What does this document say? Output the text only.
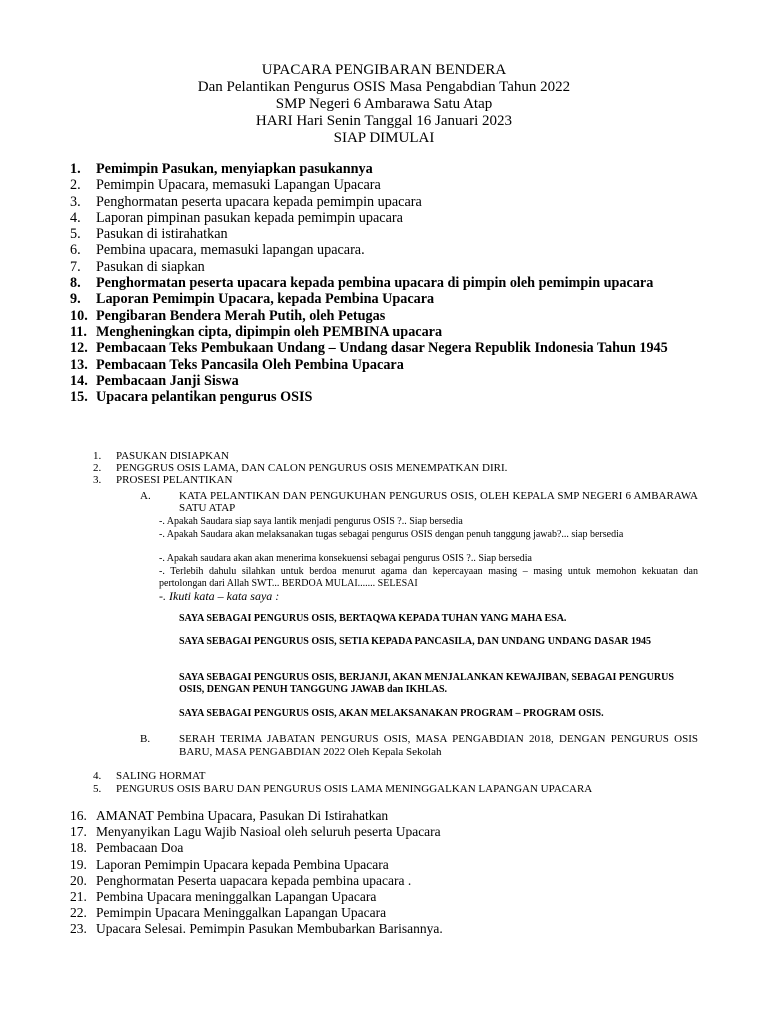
UPACARA PENGIBARAN BENDERA
Dan Pelantikan Pengurus OSIS Masa Pengabdian Tahun 2022
SMP Negeri 6 Ambarawa Satu Atap
HARI Hari Senin Tanggal 16 Januari 2023
SIAP DIMULAI
1. Pemimpin Pasukan, menyiapkan pasukannya
2. Pemimpin Upacara, memasuki Lapangan Upacara
3. Penghormatan peserta upacara kepada pemimpin upacara
4. Laporan pimpinan pasukan kepada pemimpin upacara
5. Pasukan di istirahatkan
6. Pembina upacara, memasuki lapangan upacara.
7. Pasukan di siapkan
8. Penghormatan peserta upacara kepada pembina upacara di pimpin oleh pemimpin upacara
9. Laporan Pemimpin Upacara, kepada Pembina Upacara
10. Pengibaran Bendera Merah Putih, oleh Petugas
11. Mengheningkan cipta, dipimpin oleh PEMBINA upacara
12. Pembacaan Teks Pembukaan Undang – Undang dasar Negera Republik Indonesia Tahun 1945
13. Pembacaan Teks Pancasila Oleh Pembina Upacara
14. Pembacaan Janji Siswa
15. Upacara pelantikan pengurus OSIS
1. PASUKAN DISIAPKAN
2. PENGGRUS OSIS LAMA, DAN CALON PENGURUS OSIS MENEMPATKAN DIRI.
3. PROSESI PELANTIKAN
A.	KATA PELANTIKAN DAN PENGUKUHAN PENGURUS OSIS, OLEH KEPALA SMP NEGERI 6 AMBARAWA SATU ATAP
-. Apakah Saudara siap saya lantik menjadi pengurus OSIS ?.. Siap bersedia
-. Apakah Saudara akan melaksanakan tugas sebagai pengurus OSIS dengan penuh tanggung jawab?... siap bersedia
-. Apakah saudara akan akan menerima konsekuensi sebagai pengurus OSIS ?.. Siap bersedia
-. Terlebih dahulu silahkan untuk berdoa menurut agama dan kepercayaan masing – masing untuk memohon kekuatan dan pertolongan dari Allah SWT... BERDOA MULAI....... SELESAI
-. Ikuti kata – kata saya :
SAYA SEBAGAI PENGURUS OSIS, BERTAQWA KEPADA TUHAN YANG MAHA ESA.
SAYA SEBAGAI PENGURUS OSIS, SETIA KEPADA PANCASILA, DAN UNDANG UNDANG DASAR 1945
SAYA SEBAGAI PENGURUS OSIS, BERJANJI, AKAN MENJALANKAN KEWAJIBAN, SEBAGAI PENGURUS OSIS, DENGAN PENUH TANGGUNG JAWAB dan IKHLAS.
SAYA SEBAGAI PENGURUS OSIS, AKAN MELAKSANAKAN PROGRAM – PROGRAM OSIS.
B.	SERAH TERIMA JABATAN PENGURUS OSIS, MASA PENGABDIAN 2018, DENGAN PENGURUS OSIS BARU, MASA PENGABDIAN 2022 Oleh Kepala Sekolah
4. SALING HORMAT
5. PENGURUS OSIS BARU DAN PENGURUS OSIS LAMA MENINGGALKAN LAPANGAN UPACARA
16. AMANAT Pembina Upacara, Pasukan Di Istirahatkan
17. Menyanyikan Lagu Wajib Nasioal oleh seluruh peserta Upacara
18. Pembacaan Doa
19. Laporan Pemimpin Upacara kepada Pembina Upacara
20. Penghormatan Peserta uapacara kepada pembina upacara .
21. Pembina Upacara meninggalkan Lapangan Upacara
22. Pemimpin Upacara Meninggalkan Lapangan Upacara
23. Upacara Selesai. Pemimpin Pasukan Membubarkan Barisannya.
